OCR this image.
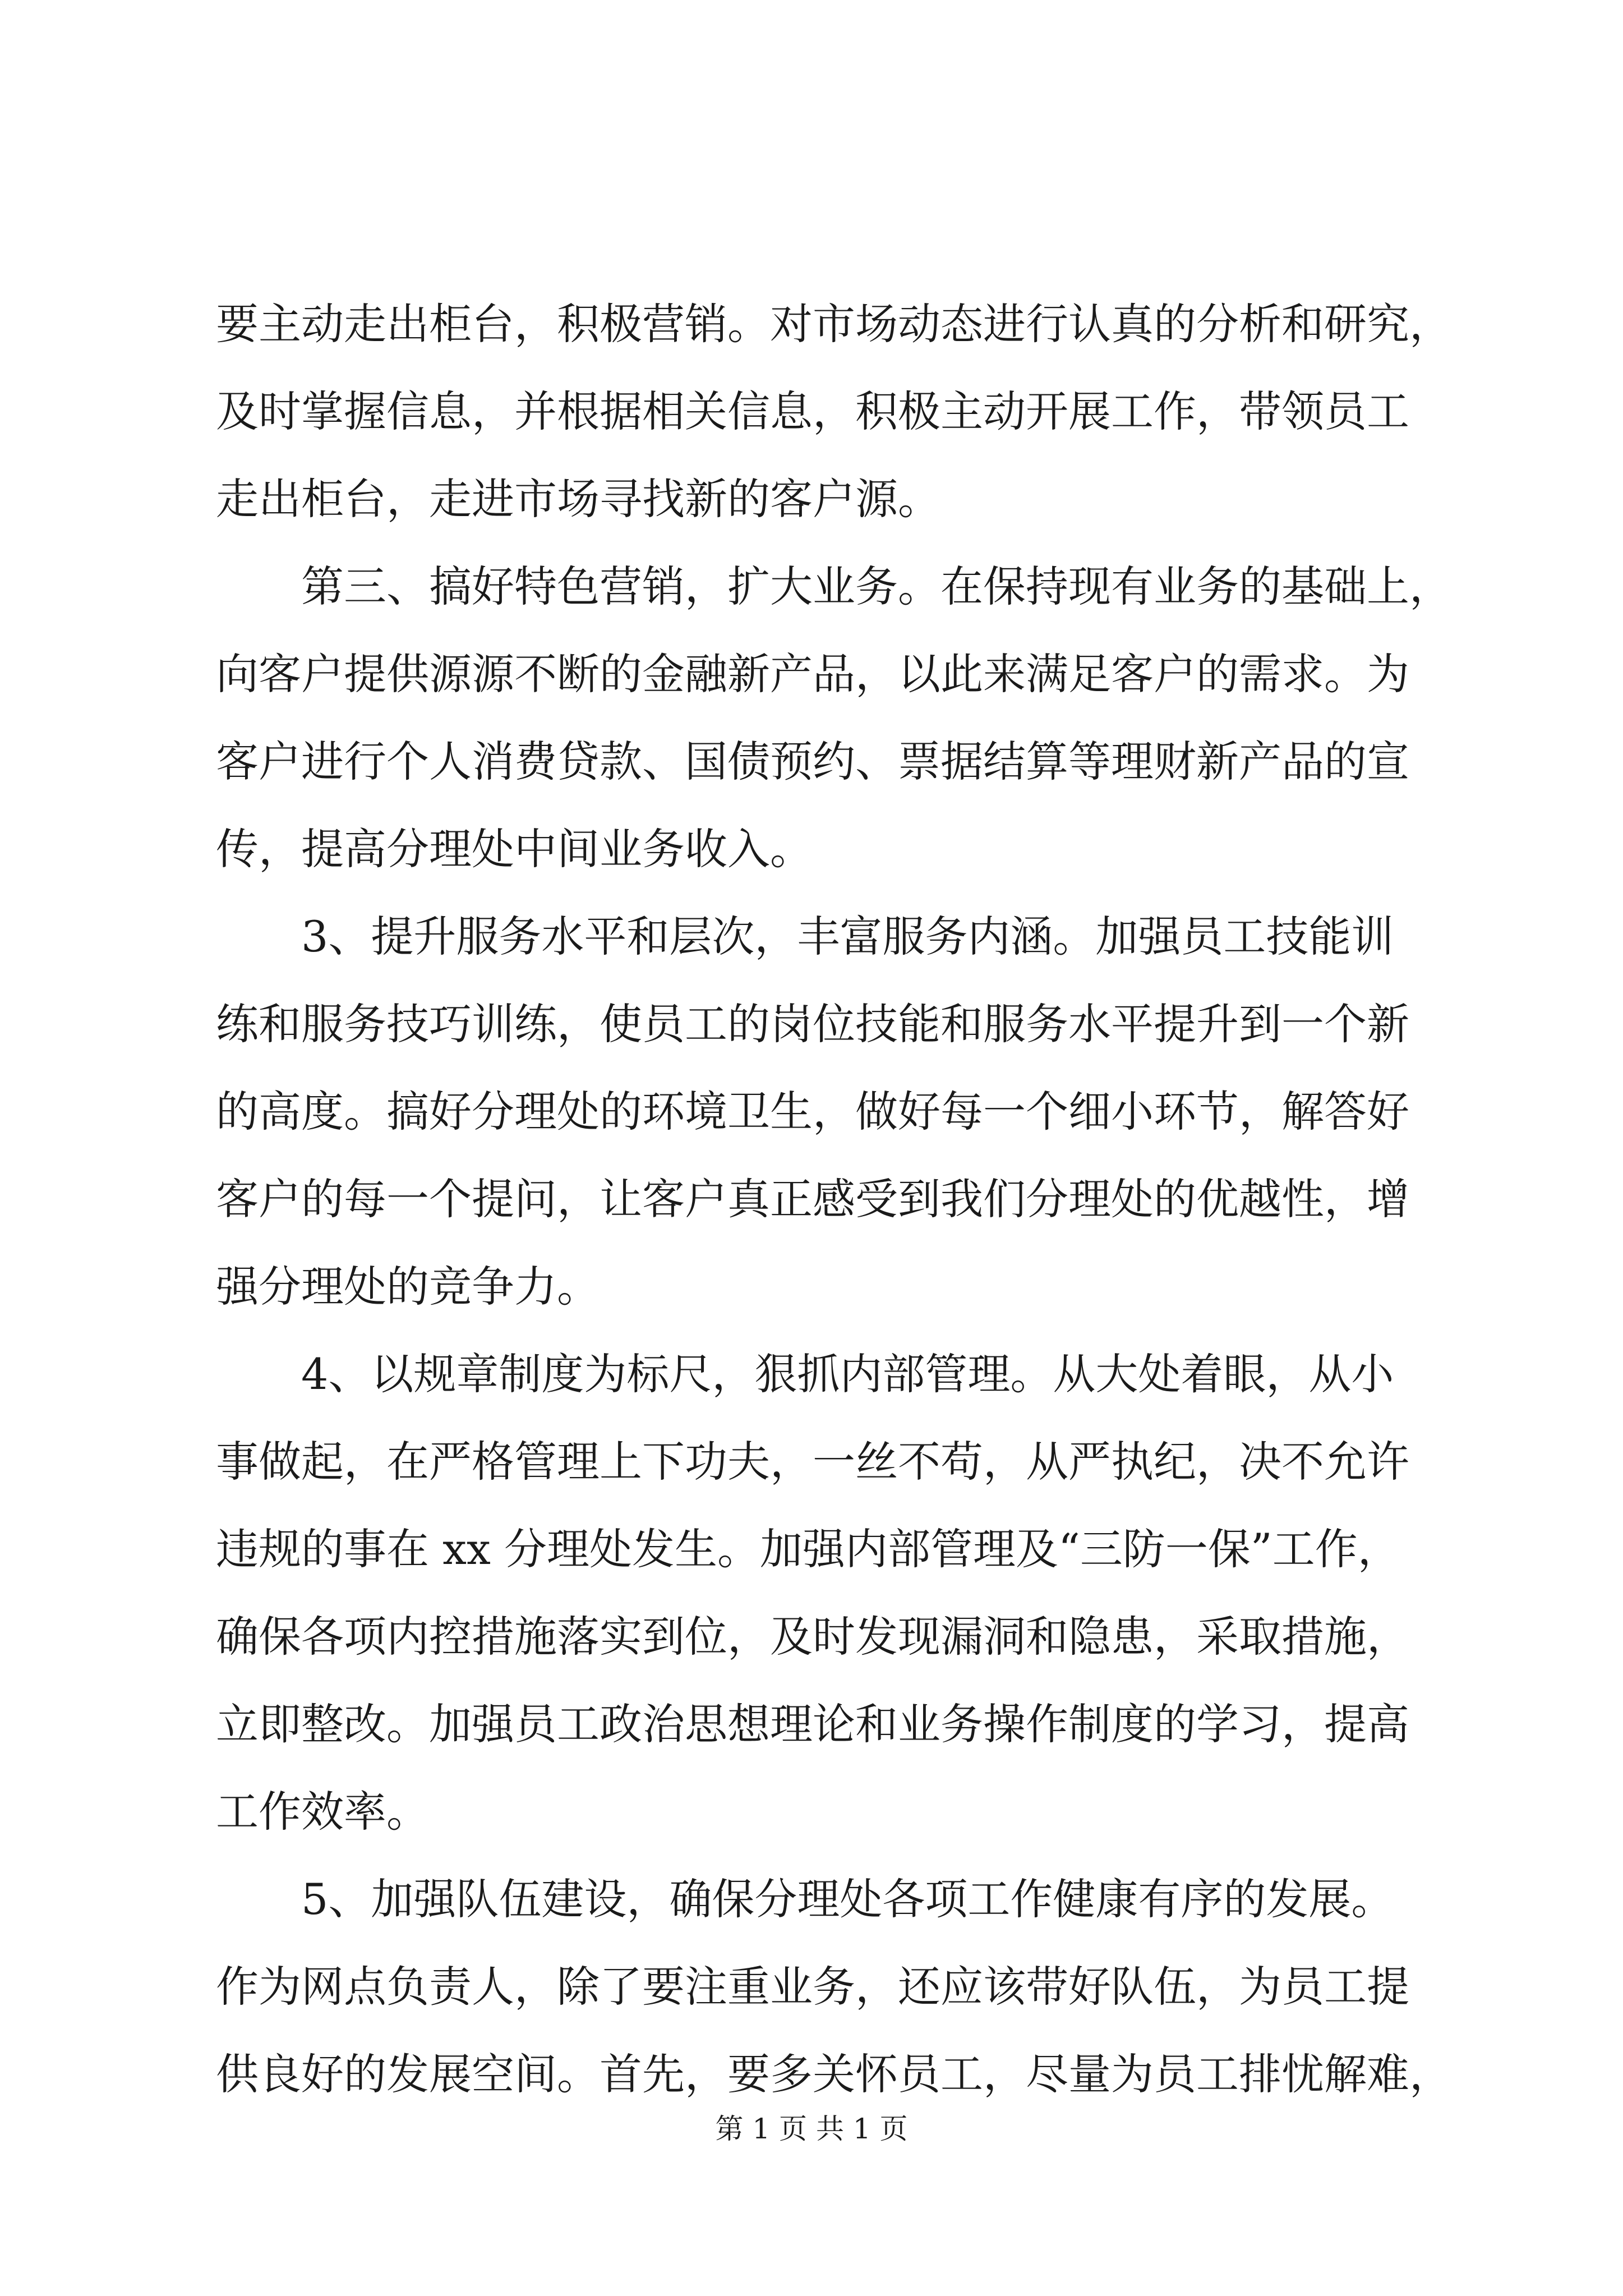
要主动走出柜台，积极营销。对市场动态进行认真的分析和研究，
及时掌握信息，并根据相关信息，积极主动开展工作，带领员工
走出柜台，走进市场寻找新的客户源。
第三、搞好特色营销，扩大业务。在保持现有业务的基础上，
向客户提供源源不断的金融新产品，以此来满足客户的需求。为
客户进行个人消费贷款、国债预约、票据结算等理财新产品的宣
传，提高分理处中间业务收入。
3、提升服务水平和层次，丰富服务内涵。加强员工技能训
练和服务技巧训练，使员工的岗位技能和服务水平提升到一个新
的高度。搞好分理处的环境卫生，做好每一个细小环节，解答好
客户的每一个提问，让客户真正感受到我们分理处的优越性，增
强分理处的竞争力。
4、以规章制度为标尺，狠抓内部管理。从大处着眼，从小
事做起，在严格管理上下功夫，一丝不苟，从严执纪，决不允许
违规的事在 xx 分理处发生。加强内部管理及“三防一保”工作，
确保各项内控措施落实到位，及时发现漏洞和隐患，采取措施，
立即整改。加强员工政治思想理论和业务操作制度的学习，提高
工作效率。
5、加强队伍建设，确保分理处各项工作健康有序的发展。
作为网点负责人，除了要注重业务，还应该带好队伍，为员工提
供良好的发展空间。首先，要多关怀员工，尽量为员工排忧解难，
第 1 页 共 1 页
